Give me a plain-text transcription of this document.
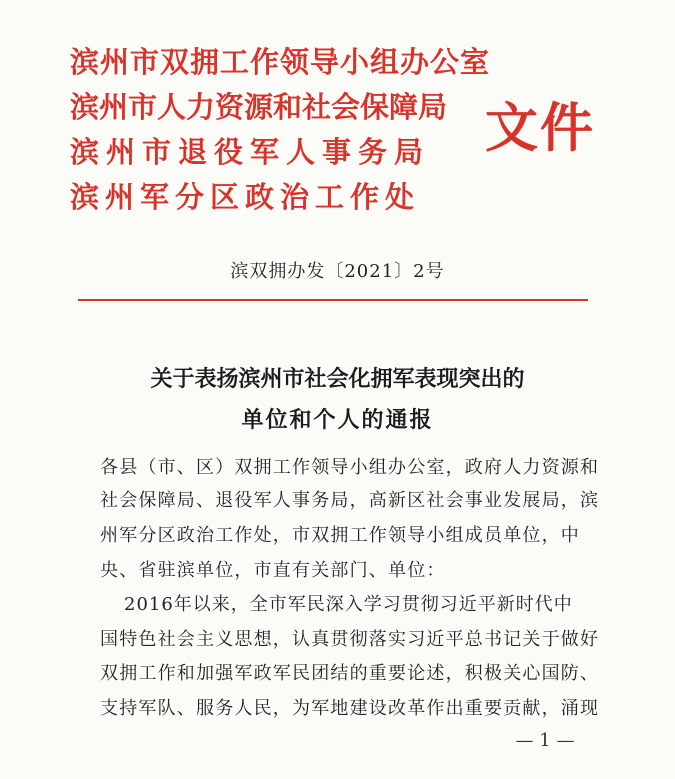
滨州市双拥工作领导小组办公室
滨州市人力资源和社会保障局
滨州市退役军人事务局
滨州军分区政治工作处
文件
滨双拥办发〔2021〕2号
关于表扬滨州市社会化拥军表现突出的
单位和个人的通报
各县（市、区）双拥工作领导小组办公室，政府人力资源和
社会保障局、退役军人事务局，高新区社会事业发展局，滨
州军分区政治工作处，市双拥工作领导小组成员单位，中
央、省驻滨单位，市直有关部门、单位：
2016年以来，全市军民深入学习贯彻习近平新时代中
国特色社会主义思想，认真贯彻落实习近平总书记关于做好
双拥工作和加强军政军民团结的重要论述，积极关心国防、
支持军队、服务人民，为军地建设改革作出重要贡献，涌现
— 1 —
